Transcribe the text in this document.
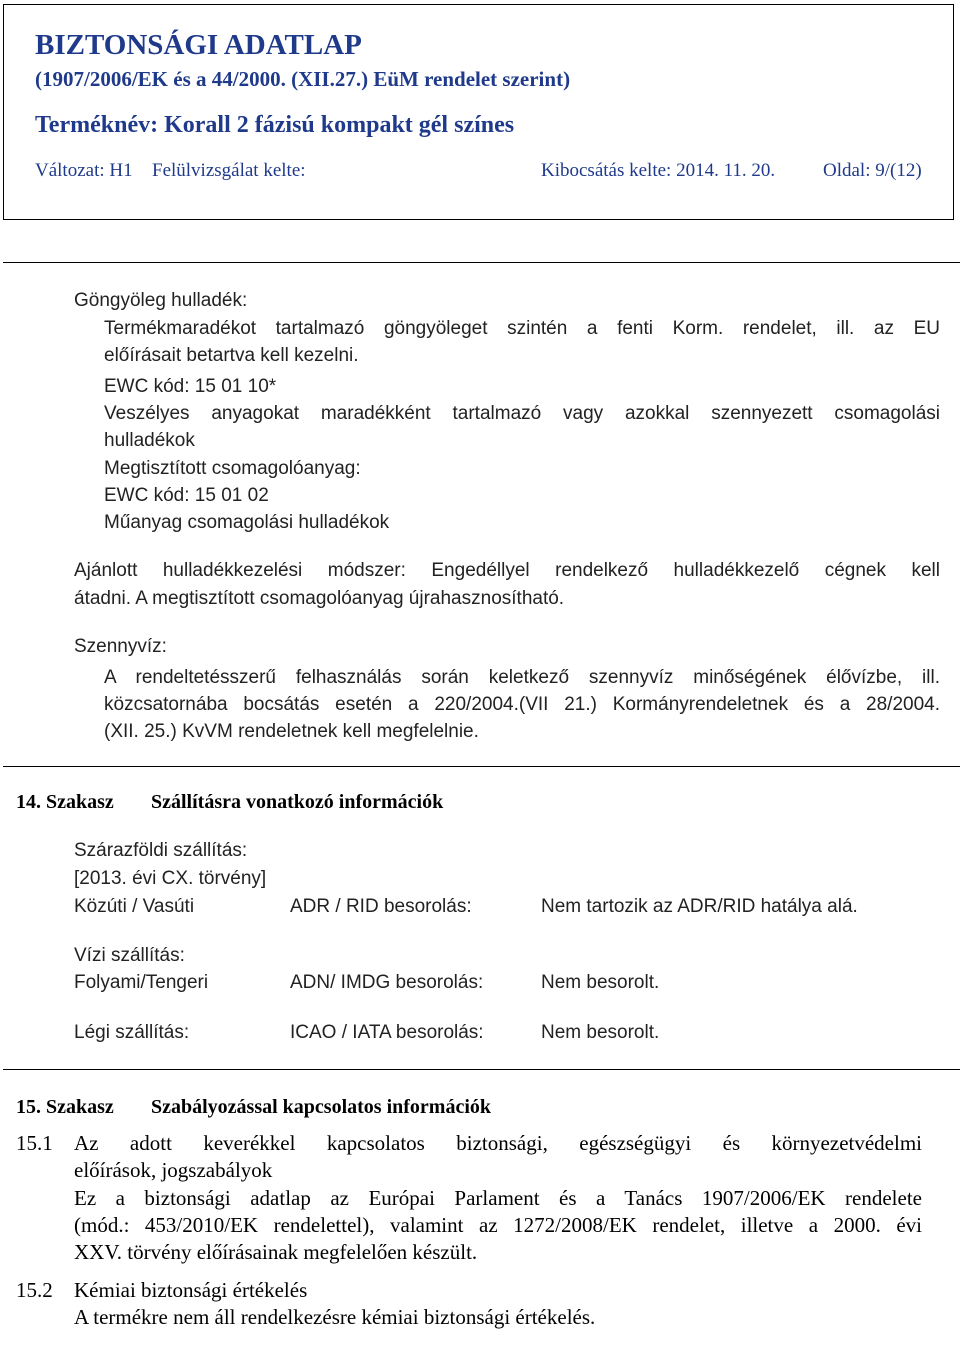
BIZTONSÁGI ADATLAP
(1907/2006/EK és a 44/2000. (XII.27.) EüM rendelet szerint)
Terméknév: Korall 2 fázisú kompakt gél színes
Változat: H1 Felülvizsgálat kelte:	Kibocsátás kelte: 2014. 11. 20.	Oldal: 9/(12)
Göngyöleg hulladék:
Termékmaradékot tartalmazó göngyöleget szintén a fenti Korm. rendelet, ill. az EU
előírásait betartva kell kezelni.
EWC kód: 15 01 10*
Veszélyes anyagokat maradékként tartalmazó vagy azokkal szennyezett csomagolási
hulladékok
Megtisztított csomagolóanyag:
EWC kód: 15 01 02
Műanyag csomagolási hulladékok
Ajánlott hulladékkezelési módszer: Engedéllyel rendelkező hulladékkezelő cégnek kell
átadni. A megtisztított csomagolóanyag újrahasznosítható.
Szennyvíz:
A rendeltetésszerű felhasználás során keletkező szennyvíz minőségének élővízbe, ill.
közcsatornába bocsátás esetén a 220/2004.(VII 21.) Kormányrendeletnek és a 28/2004.
(XII. 25.) KvVM rendeletnek kell megfelelnie.
14. Szakasz Szállításra vonatkozó információk
Szárazföldi szállítás:
[2013. évi CX. törvény]
Közúti / Vasúti	ADR / RID besorolás:	Nem tartozik az ADR/RID hatálya alá.
Vízi szállítás:
Folyami/Tengeri	ADN/ IMDG besorolás:	Nem besorolt.
Légi szállítás:	ICAO / IATA besorolás:	Nem besorolt.
15. Szakasz Szabályozással kapcsolatos információk
15.1 Az adott keverékkel kapcsolatos biztonsági, egészségügyi és környezetvédelmi
előírások, jogszabályok
Ez a biztonsági adatlap az Európai Parlament és a Tanács 1907/2006/EK rendelete
(mód.: 453/2010/EK rendelettel), valamint az 1272/2008/EK rendelet, illetve a 2000. évi
XXV. törvény előírásainak megfelelően készült.
15.2 Kémiai biztonsági értékelés
A termékre nem áll rendelkezésre kémiai biztonsági értékelés.
